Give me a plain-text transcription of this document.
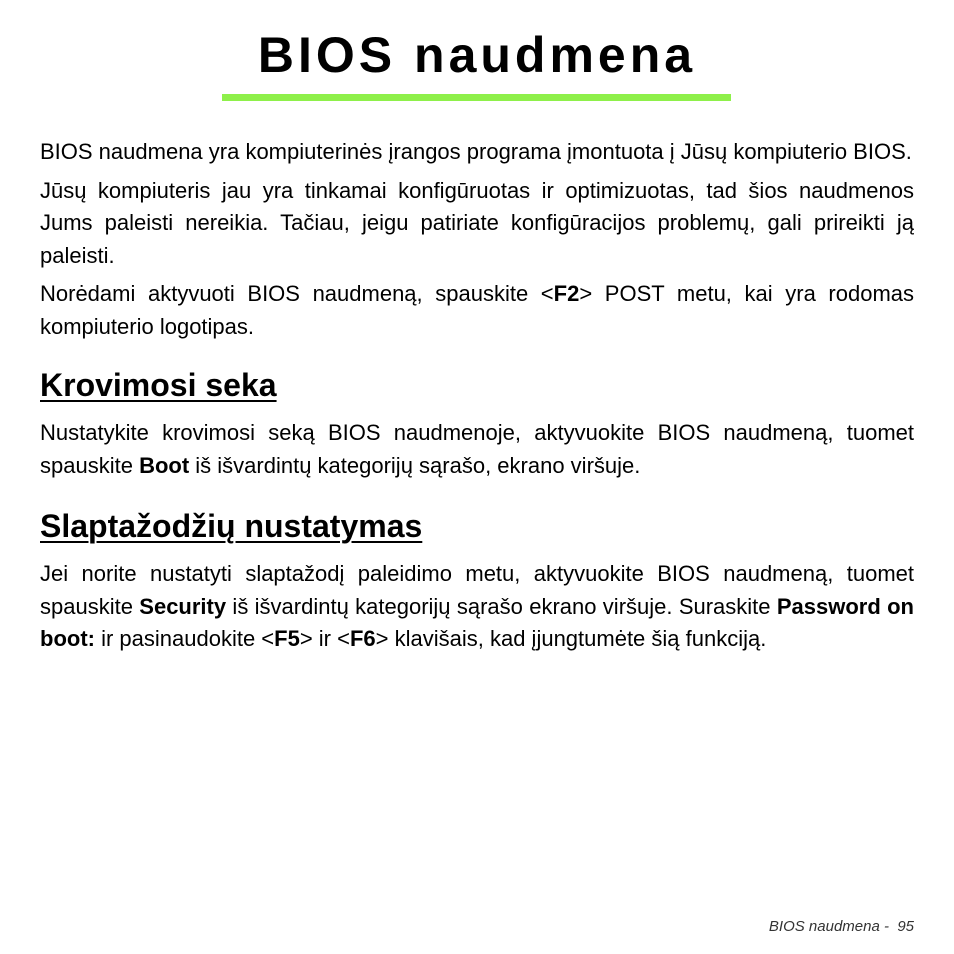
BIOS naudmena

BIOS naudmena yra kompiuterinės įrangos programa įmontuota į Jūsų kompiuterio BIOS.

Jūsų kompiuteris jau yra tinkamai konfigūruotas ir optimizuotas, tad šios naudmenos Jums paleisti nereikia. Tačiau, jeigu patiriate konfigūracijos problemų, gali prireikti ją paleisti.

Norėdami aktyvuoti BIOS naudmeną, spauskite <F2> POST metu, kai yra rodomas kompiuterio logotipas.

Krovimosi seka

Nustatykite krovimosi seką BIOS naudmenoje, aktyvuokite BIOS naudmeną, tuomet spauskite Boot iš išvardintų kategorijų sąrašo, ekrano viršuje.

Slaptažodžių nustatymas

Jei norite nustatyti slaptažodį paleidimo metu, aktyvuokite BIOS naudmeną, tuomet spauskite Security iš išvardintų kategorijų sąrašo ekrano viršuje. Suraskite Password on boot: ir pasinaudokite <F5> ir <F6> klavišais, kad įjungtumėte šią funkciją.

BIOS naudmena -  95
